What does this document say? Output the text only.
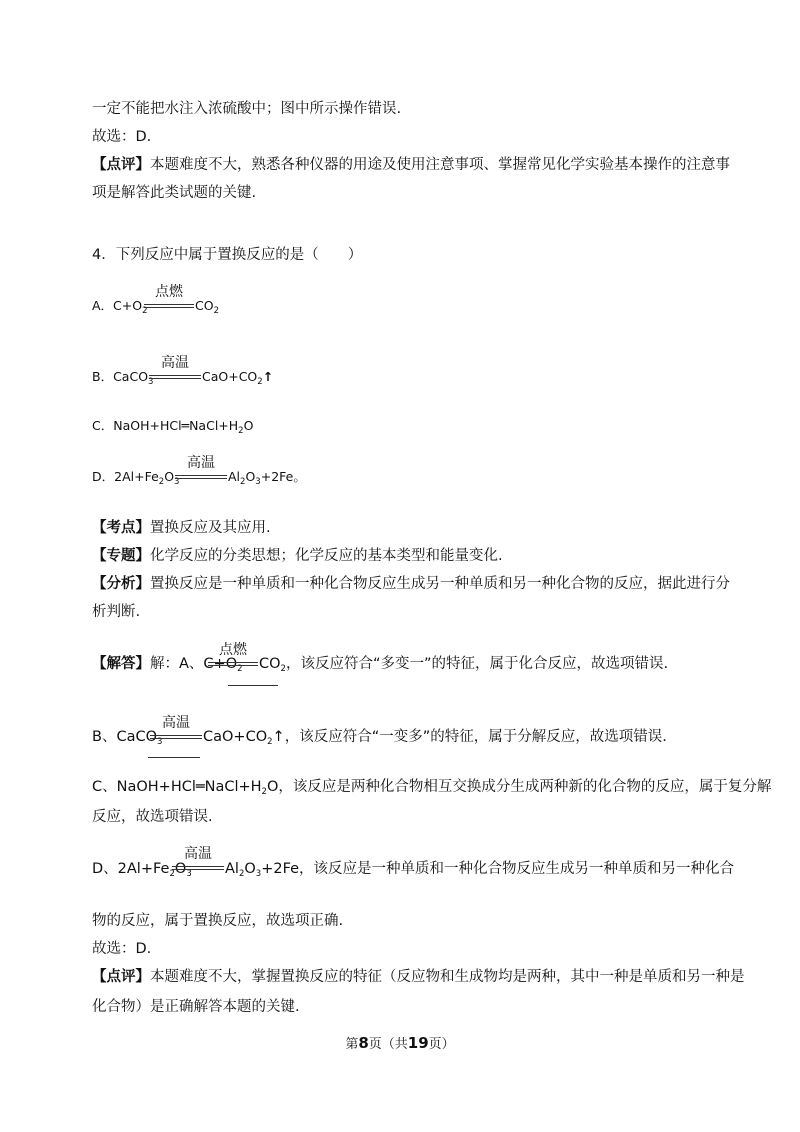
一定不能把水注入浓硫酸中；图中所示操作错误.
故选：D.
【点评】本题难度不大，熟悉各种仪器的用途及使用注意事项、掌握常见化学实验基本操作的注意事
项是解答此类试题的关键.
4．下列反应中属于置换反应的是（　　）
A．$C+O_2$
点燃
$CO_2$
B．CaCO$_3$
高温
$CaO+CO_2↑$
C．$NaOH+HCl═NaCl+H_2O$
D．$2Al+Fe_2O_3$
高温
$Al_2O_3+2Fe$。
【考点】置换反应及其应用.
【专题】化学反应的分类思想；化学反应的基本类型和能量变化.
【分析】置换反应是一种单质和一种化合物反应生成另一种单质和另一种化合物的反应，据此进行分
析判断.
【解答】解：A、$C+O_2$
点燃
$CO_2$，该反应符合“多变一”的特征，属于化合反应，故选项错误.
B、CaCO$_3$
高温
$CaO+CO_2↑$，该反应符合“一变多”的特征，属于分解反应，故选项错误.
C、$NaOH+HCl═NaCl+H_2O$，该反应是两种化合物相互交换成分生成两种新的化合物的反应，属于复分解
反应，故选项错误.
D、$2Al+Fe_2O_3$
高温
$Al_2O_3+2Fe$，该反应是一种单质和一种化合物反应生成另一种单质和另一种化合
物的反应，属于置换反应，故选项正确.
故选：D.
【点评】本题难度不大，掌握置换反应的特征（反应物和生成物均是两种，其中一种是单质和另一种是
化合物）是正确解答本题的关键.
第8页（共19页）
